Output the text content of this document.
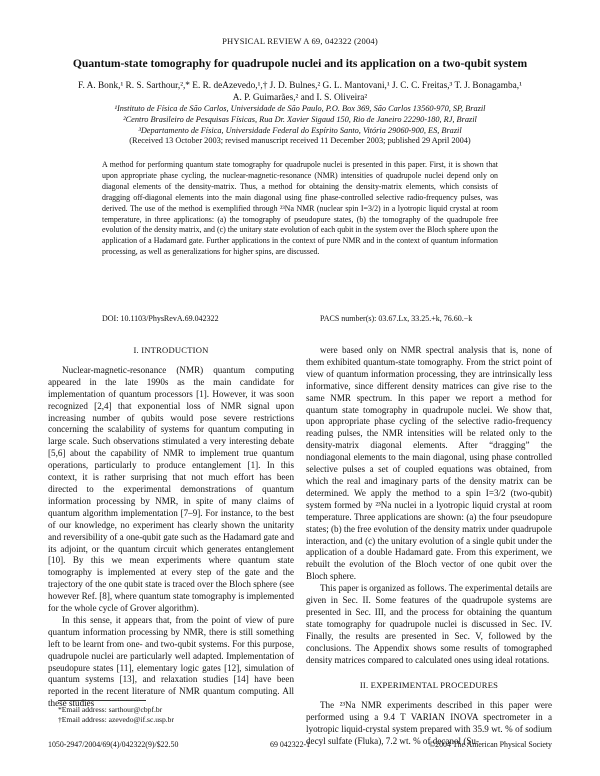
PHYSICAL REVIEW A 69, 042322 (2004)
Quantum-state tomography for quadrupole nuclei and its application on a two-qubit system
F. A. Bonk,¹ R. S. Sarthour,²,* E. R. deAzevedo,¹,† J. D. Bulnes,² G. L. Mantovani,¹ J. C. C. Freitas,³ T. J. Bonagamba,¹
A. P. Guimarães,² and I. S. Oliveira²
¹Instituto de Física de São Carlos, Universidade de São Paulo, P.O. Box 369, São Carlos 13560-970, SP, Brazil
²Centro Brasileiro de Pesquisas Físicas, Rua Dr. Xavier Sigaud 150, Rio de Janeiro 22290-180, RJ, Brazil
³Departamento de Física, Universidade Federal do Espírito Santo, Vitória 29060-900, ES, Brazil
(Received 13 October 2003; revised manuscript received 11 December 2003; published 29 April 2004)
A method for performing quantum state tomography for quadrupole nuclei is presented in this paper. First, it is shown that upon appropriate phase cycling, the nuclear-magnetic-resonance (NMR) intensities of quadrupole nuclei depend only on diagonal elements of the density-matrix. Thus, a method for obtaining the density-matrix elements, which consists of dragging off-diagonal elements into the main diagonal using fine phase-controlled selective radio-frequency pulses, was derived. The use of the method is exemplified through ²³Na NMR (nuclear spin I=3/2) in a lyotropic liquid crystal at room temperature, in three applications: (a) the tomography of pseudopure states, (b) the tomography of the quadrupole free evolution of the density matrix, and (c) the unitary state evolution of each qubit in the system over the Bloch sphere upon the application of a Hadamard gate. Further applications in the context of pure NMR and in the context of quantum information processing, as well as generalizations for higher spins, are discussed.
DOI: 10.1103/PhysRevA.69.042322	PACS number(s): 03.67.Lx, 33.25.+k, 76.60.−k
I. INTRODUCTION

Nuclear-magnetic-resonance (NMR) quantum computing appeared in the late 1990s as the main candidate for implementation of quantum processors [1]. However, it was soon recognized [2,4] that exponential loss of NMR signal upon increasing number of qubits would pose severe restrictions concerning the scalability of systems for quantum computing in large scale. Such observations stimulated a very interesting debate [5,6] about the capability of NMR to implement true quantum operations, particularly to produce entanglement [1]. In this context, it is rather surprising that not much effort has been directed to the experimental demonstrations of quantum information processing by NMR, in spite of many claims of quantum algorithm implementation [7–9]. For instance, to the best of our knowledge, no experiment has clearly shown the unitarity and reversibility of a one-qubit gate such as the Hadamard gate and its adjoint, or the quantum circuit which generates entanglement [10]. By this we mean experiments where quantum state tomography is implemented at every step of the gate and the trajectory of the one qubit state is traced over the Bloch sphere (see however Ref. [8], where quantum state tomography is implemented for the whole cycle of Grover algorithm).

In this sense, it appears that, from the point of view of pure quantum information processing by NMR, there is still something left to be learnt from one- and two-qubit systems. For this purpose, quadrupole nuclei are particularly well adapted. Implementation of pseudopure states [11], elementary logic gates [12], simulation of quantum systems [13], and relaxation studies [14] have been reported in the recent literature of NMR quantum computing. All these studies

were based only on NMR spectral analysis that is, none of them exhibited quantum-state tomography. From the strict point of view of quantum information processing, they are intrinsically less informative, since different density matrices can give rise to the same NMR spectrum. In this paper we report a method for quantum state tomography in quadrupole nuclei. We show that, upon appropriate phase cycling of the selective radio-frequency reading pulses, the NMR intensities will be related only to the density-matrix diagonal elements. After “dragging” the nondiagonal elements to the main diagonal, using phase controlled selective pulses a set of coupled equations was obtained, from which the real and imaginary parts of the density matrix can be determined. We apply the method to a spin I=3/2 (two-qubit) system formed by ²³Na nuclei in a lyotropic liquid crystal at room temperature. Three applications are shown: (a) the four pseudopure states; (b) the free evolution of the density matrix under quadrupole interaction, and (c) the unitary evolution of a single qubit under the application of a double Hadamard gate. From this experiment, we rebuilt the evolution of the Bloch vector of one qubit over the Bloch sphere.

This paper is organized as follows. The experimental details are given in Sec. II. Some features of the quadrupole systems are presented in Sec. III, and the process for obtaining the quantum state tomography for quadrupole nuclei is discussed in Sec. IV. Finally, the results are presented in Sec. V, followed by the conclusions. The Appendix shows some results of tomographed density matrices compared to calculated ones using ideal rotations.

II. EXPERIMENTAL PROCEDURES

The ²³Na NMR experiments described in this paper were performed using a 9.4 T VARIAN INOVA spectrometer in a lyotropic liquid-crystal system prepared with 35.9 wt. % of sodium decyl sulfate (Fluka), 7.2 wt. % of decanol (Su-

*Email address: sarthour@cbpf.br
†Email address: azevedo@if.sc.usp.br
1050-2947/2004/69(4)/042322(9)/$22.50	69 042322-1	©2004 The American Physical Society
